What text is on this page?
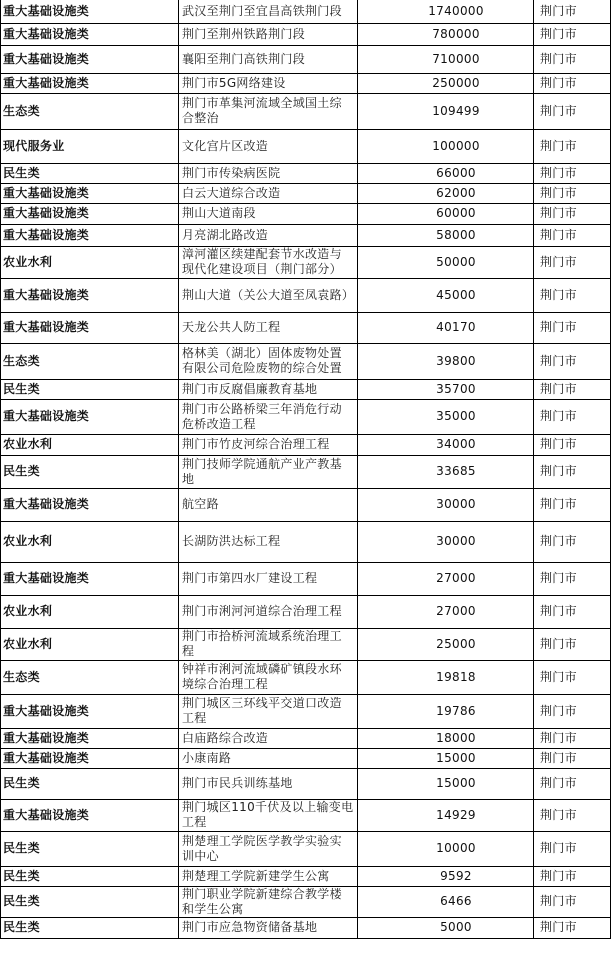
重大基础设施类	武汉至荆门至宜昌高铁荆门段	1740000	荆门市
重大基础设施类	荆门至荆州铁路荆门段	780000	荆门市
重大基础设施类	襄阳至荆门高铁荆门段	710000	荆门市
重大基础设施类	荆门市5G网络建设	250000	荆门市
生态类	荆门市革集河流域全域国土综合整治	109499	荆门市
现代服务业	文化宫片区改造	100000	荆门市
民生类	荆门市传染病医院	66000	荆门市
重大基础设施类	白云大道综合改造	62000	荆门市
重大基础设施类	荆山大道南段	60000	荆门市
重大基础设施类	月亮湖北路改造	58000	荆门市
农业水利	漳河灌区续建配套节水改造与现代化建设项目（荆门部分）	50000	荆门市
重大基础设施类	荆山大道（关公大道至凤袁路）	45000	荆门市
重大基础设施类	天龙公共人防工程	40170	荆门市
生态类	格林美（湖北）固体废物处置有限公司危险废物的综合处置	39800	荆门市
民生类	荆门市反腐倡廉教育基地	35700	荆门市
重大基础设施类	荆门市公路桥梁三年消危行动危桥改造工程	35000	荆门市
农业水利	荆门市竹皮河综合治理工程	34000	荆门市
民生类	荆门技师学院通航产业产教基地	33685	荆门市
重大基础设施类	航空路	30000	荆门市
农业水利	长湖防洪达标工程	30000	荆门市
重大基础设施类	荆门市第四水厂建设工程	27000	荆门市
农业水利	荆门市浰河河道综合治理工程	27000	荆门市
农业水利	荆门市拾桥河流域系统治理工程	25000	荆门市
生态类	钟祥市浰河流域磷矿镇段水环境综合治理工程	19818	荆门市
重大基础设施类	荆门城区三环线平交道口改造工程	19786	荆门市
重大基础设施类	白庙路综合改造	18000	荆门市
重大基础设施类	小康南路	15000	荆门市
民生类	荆门市民兵训练基地	15000	荆门市
重大基础设施类	荆门城区110千伏及以上输变电工程	14929	荆门市
民生类	荆楚理工学院医学教学实验实训中心	10000	荆门市
民生类	荆楚理工学院新建学生公寓	9592	荆门市
民生类	荆门职业学院新建综合教学楼和学生公寓	6466	荆门市
民生类	荆门市应急物资储备基地	5000	荆门市
